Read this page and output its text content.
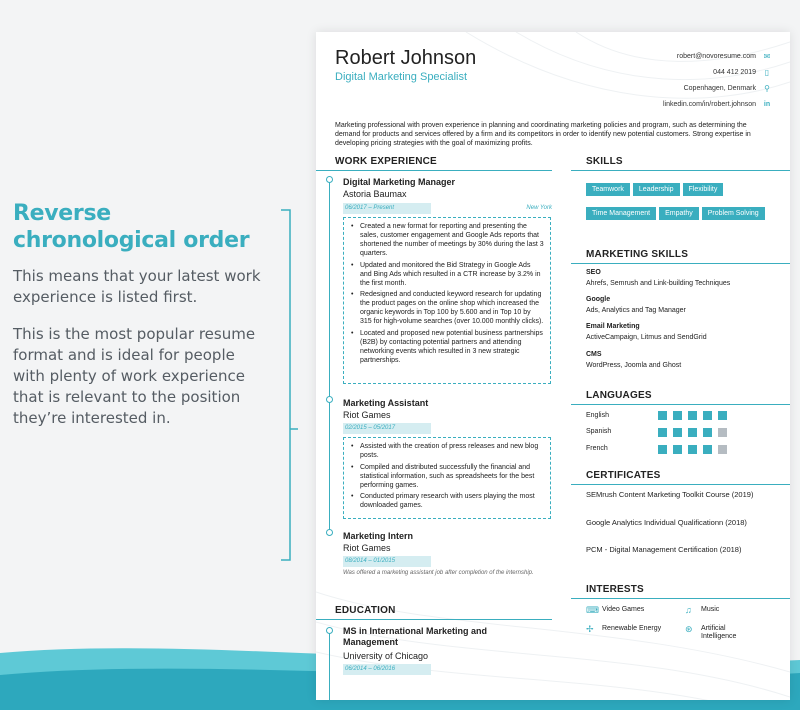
Reverse chronological order

This means that your latest work experience is listed first.

This is the most popular resume format and is ideal for people with plenty of work experience that is relevant to the position they’re interested in.

Robert Johnson
Digital Marketing Specialist
robert@novoresume.com ✉
044 412 2019	▯
Copenhagen, Denmark ⚲
linkedin.com/in/robert.johnson in
Marketing professional with proven experience in planning and coordinating marketing policies and program, such as determining the demand for products and services offered by a firm and its competitors in order to identify new potential customers. Strong expertise in developing pricing strategies with the goal of maximizing profits.
WORK EXPERIENCE
Digital Marketing Manager
Astoria Baumax
06/2017 – Present	New York
• Created a new format for reporting and presenting the sales, customer engagement and Google Ads reports that shortened the number of meetings by 30% during the last 3 quarters.
• Updated and monitored the Bid Strategy in Google Ads and Bing Ads which resulted in a CTR increase by 3.2% in the first month.
• Redesigned and conducted keyword research for updating the product pages on the online shop which increased the organic keywords in Top 100 by 5.600 and in Top 10 by 315 for high-volume searches (over 10.000 monthly clicks).
• Located and proposed new potential business partnerships (B2B) by contacting potential partners and attending networking events which resulted in 3 new strategic partnerships.
Marketing Assistant
Riot Games
02/2015 – 05/2017
• Assisted with the creation of press releases and new blog posts.
• Compiled and distributed successfully the financial and statistical information, such as spreadsheets for the best performing games.
• Conducted primary research with users playing the most downloaded games.
Marketing Intern
Riot Games
08/2014 – 01/2015
Was offered a marketing assistant job after completion of the internship.
EDUCATION
MS in International Marketing and Management
University of Chicago
06/2014 – 06/2016
SKILLS
Teamwork Leadership FlexibilityTime Management Empathy Problem Solving
MARKETING SKILLS
SEO
Ahrefs, Semrush and Link-building Techniques
Google
Ads, Analytics and Tag Manager
Email Marketing
ActiveCampaign, Litmus and SendGrid
CMS
WordPress, Joomla and Ghost
LANGUAGES
English
Spanish
French
CERTIFICATES
SEMrush Content Marketing Toolkit Course (2019)
Google Analytics Individual Qualificationn (2018)
PCM - Digital Management Certification (2018)
INTERESTS
⌨ Video Games	♫	Music
✢	Renewable Energy	⊛	Artificial Intelligence
